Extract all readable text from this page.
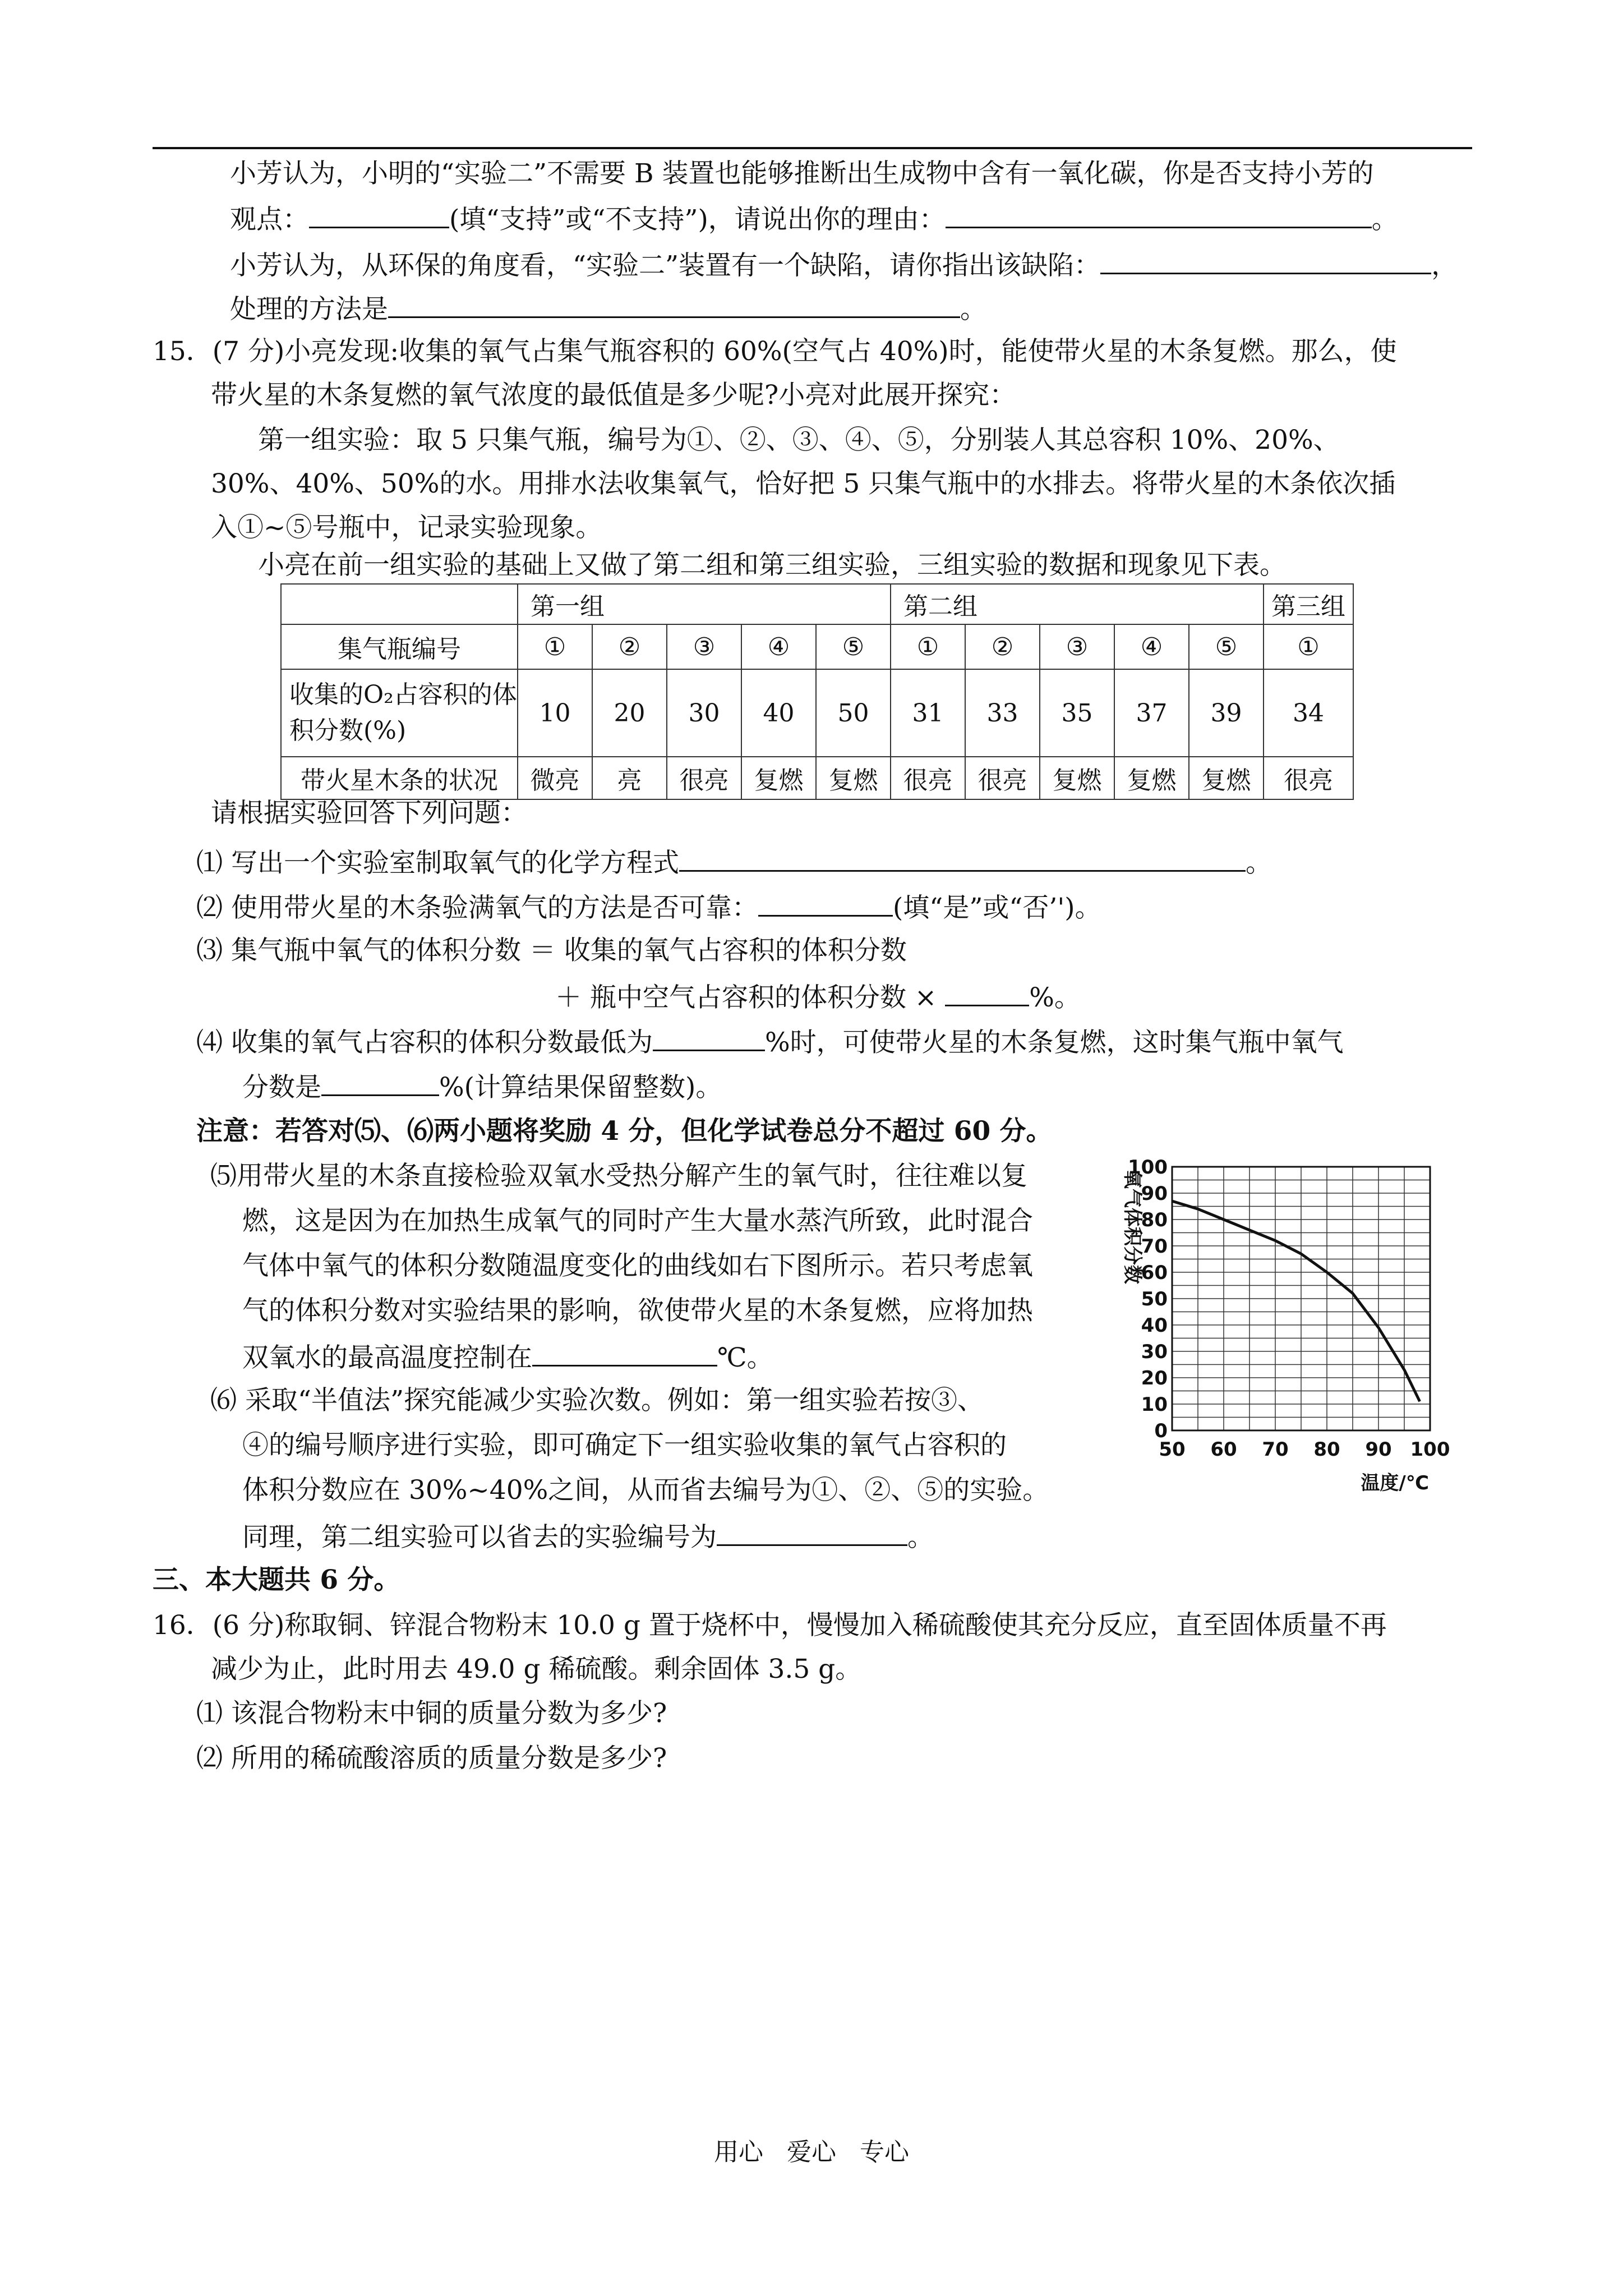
小芳认为，小明的“实验二”不需要 B 装置也能够推断出生成物中含有一氧化碳，你是否支持小芳的
观点：	(填“支持”或“不支持”)，请说出你的理由：	。
小芳认为，从环保的角度看，“实验二”装置有一个缺陷，请你指出该缺陷：	，
处理的方法是	。
15．(7 分)小亮发现:收集的氧气占集气瓶容积的 60%(空气占 40%)时，能使带火星的木条复燃。那么，使
带火星的木条复燃的氧气浓度的最低值是多少呢?小亮对此展开探究：
第一组实验：取 5 只集气瓶，编号为①、②、③、④、⑤，分别装人其总容积 10%、20%、
30%、40%、50%的水。用排水法收集氧气，恰好把 5 只集气瓶中的水排去。将带火星的木条依次插
入①~⑤号瓶中，记录实验现象。
小亮在前一组实验的基础上又做了第二组和第三组实验，三组实验的数据和现象见下表。
	第一组					第二组					第三组
集气瓶编号	①	②	③	④	⑤	①	②	③	④	⑤	①
收集的O₂占容积的体
积分数(%)	10	20	30	40	50	31	33	35	37	39	34
带火星木条的状况	微亮	亮	很亮	复燃	复燃	很亮	很亮	复燃	复燃	复燃	很亮
请根据实验回答下列问题：
⑴ 写出一个实验室制取氧气的化学方程式	。
⑵ 使用带火星的木条验满氧气的方法是否可靠：	(填“是”或“否’')。
⑶ 集气瓶中氧气的体积分数 ＝ 收集的氧气占容积的体积分数
＋ 瓶中空气占容积的体积分数 ×	%。
⑷ 收集的氧气占容积的体积分数最低为	%时，可使带火星的木条复燃，这时集气瓶中氧气
分数是	%(计算结果保留整数)。
注意：若答对⑸、⑹两小题将奖励 4 分，但化学试卷总分不超过 60 分。
⑸用带火星的木条直接检验双氧水受热分解产生的氧气时，往往难以复
燃，这是因为在加热生成氧气的同时产生大量水蒸汽所致，此时混合
气体中氧气的体积分数随温度变化的曲线如右下图所示。若只考虑氧
气的体积分数对实验结果的影响，欲使带火星的木条复燃，应将加热
双氧水的最高温度控制在	℃。
⑹ 采取“半值法”探究能减少实验次数。例如：第一组实验若按③、
④的编号顺序进行实验，即可确定下一组实验收集的氧气占容积的
体积分数应在 30%~40%之间，从而省去编号为①、②、⑤的实验。
同理，第二组实验可以省去的实验编号为	。
0
10
20
30
40
50
60
70
80
90
100
50 60 70 80 90 100
氧气体积分数
温度/℃
三、本大题共 6 分。
16．(6 分)称取铜、锌混合物粉末 10.0 g 置于烧杯中，慢慢加入稀硫酸使其充分反应，直至固体质量不再
减少为止，此时用去 49.0 g 稀硫酸。剩余固体 3.5 g。
⑴ 该混合物粉末中铜的质量分数为多少?
⑵ 所用的稀硫酸溶质的质量分数是多少?
用心   爱心   专心
